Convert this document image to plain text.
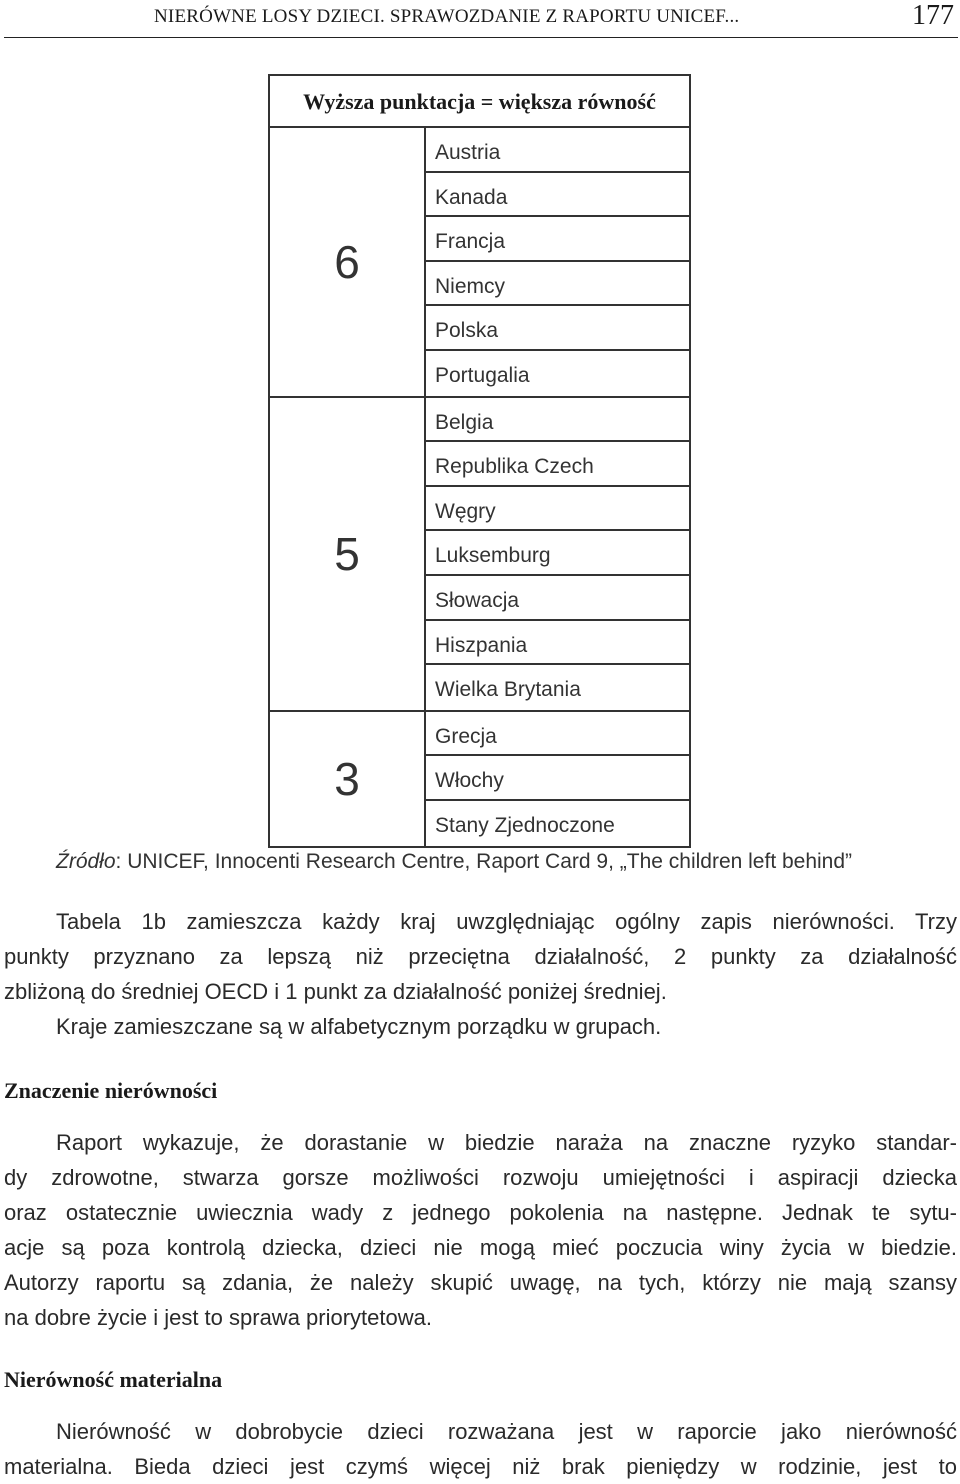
NIERÓWNE LOSY DZIECI. SPRAWOZDANIE Z RAPORTU UNICEF...	177
Wyższa punktacja = większa równość
6
Austria
Kanada
Francja
Niemcy
Polska
Portugalia
5
Belgia
Republika Czech
Węgry
Luksemburg
Słowacja
Hiszpania
Wielka Brytania
3
Grecja
Włochy
Stany Zjednoczone
Źródło: UNICEF, Innocenti Research Centre, Raport Card 9, „The children left behind”
Tabela 1b zamieszcza każdy kraj uwzględniając ogólny zapis nierówności. Trzy
punkty przyznano za lepszą niż przeciętna działalność, 2 punkty za działalność
zbliżoną do średniej OECD i 1 punkt za działalność poniżej średniej.
Kraje zamieszczane są w alfabetycznym porządku w grupach.
Znaczenie nierówności
Raport wykazuje, że dorastanie w biedzie naraża na znaczne ryzyko standar-
dy zdrowotne, stwarza gorsze możliwości rozwoju umiejętności i aspiracji dziecka
oraz ostatecznie uwiecznia wady z jednego pokolenia na następne. Jednak te sytu-
acje są poza kontrolą dziecka, dzieci nie mogą mieć poczucia winy życia w biedzie.
Autorzy raportu są zdania, że należy skupić uwagę, na tych, którzy nie mają szansy
na dobre życie i jest to sprawa priorytetowa.
Nierówność materialna
Nierówność w dobrobycie dzieci rozważana jest w raporcie jako nierówność
materialna. Bieda dzieci jest czymś więcej niż brak pieniędzy w rodzinie, jest to
